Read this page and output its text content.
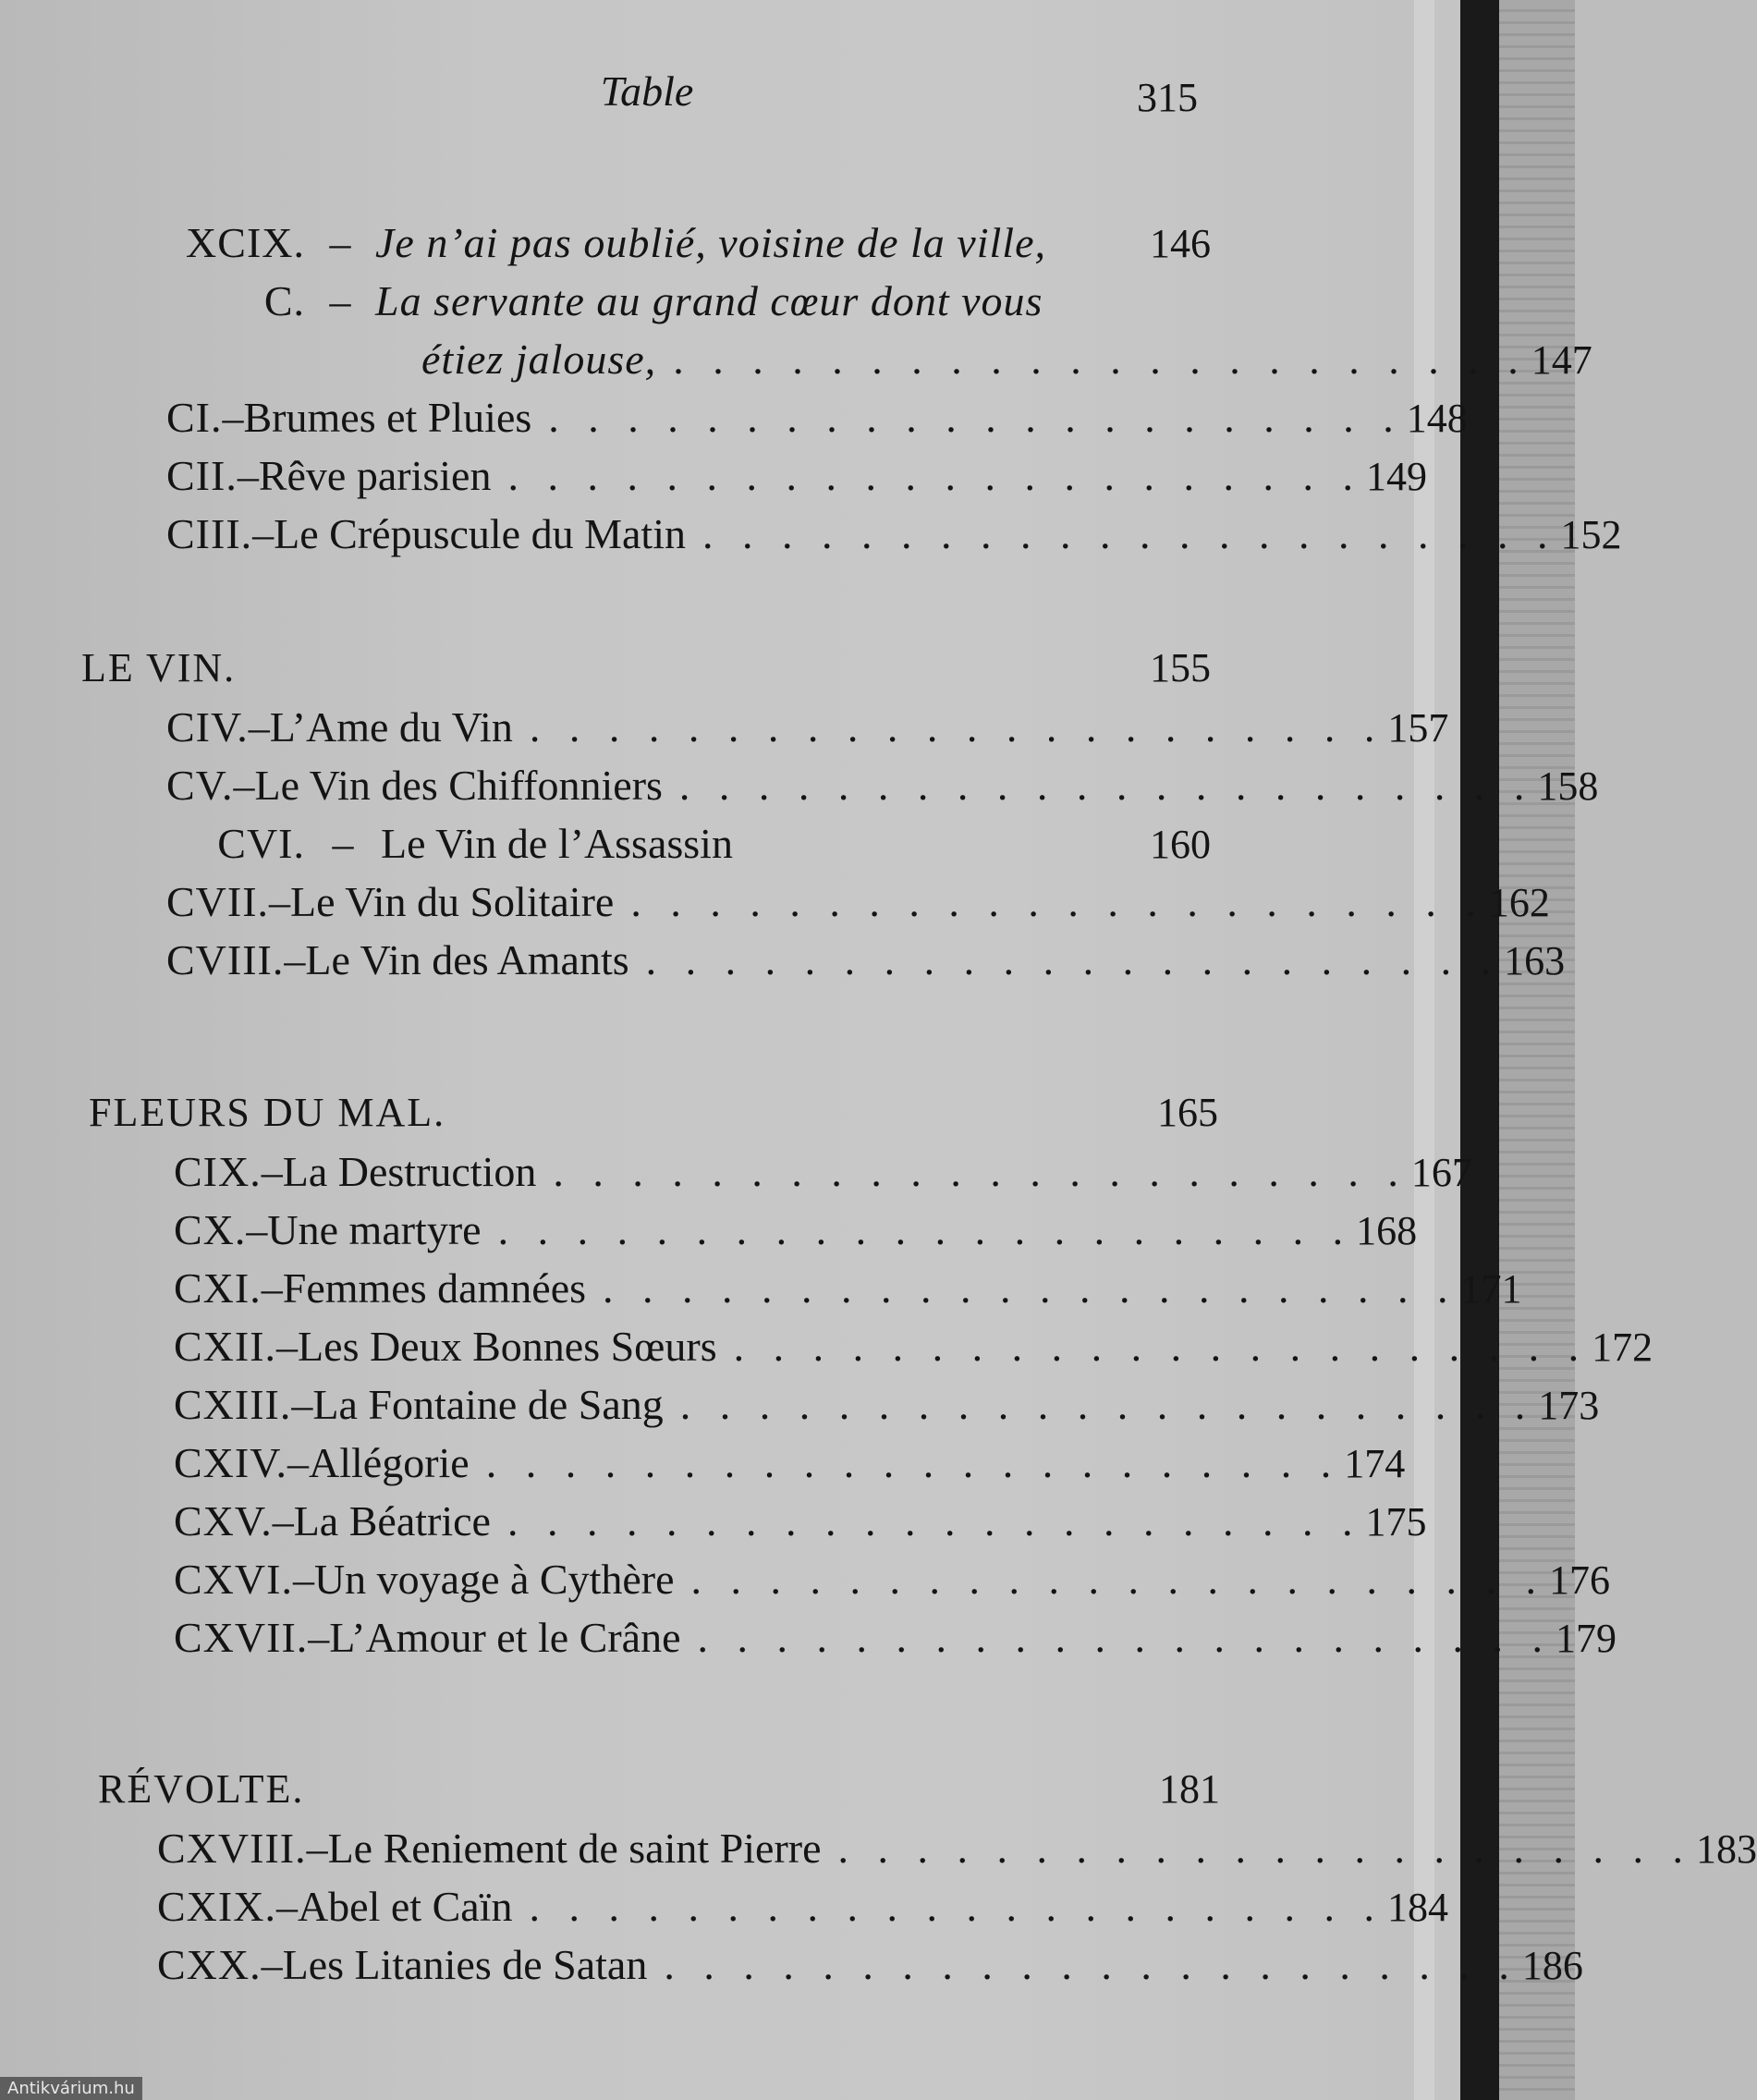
Table	315
XCIX. – Je n’ai pas oublié, voisine de la ville,	146
C. – La servante au grand cœur dont vous
étiez jalouse, . . . . . . . . . . . . . . . . . . . . . . 147
CI. – Brumes et Pluies . . . . . . . . . . . . . . . . . . . . . . 148
CII. – Rêve parisien . . . . . . . . . . . . . . . . . . . . . . 149
CIII. – Le Crépuscule du Matin . . . . . . . . . . . . . . . . . . . . . . 152
LE VIN.	155
CIV. – L’Ame du Vin . . . . . . . . . . . . . . . . . . . . . . 157
CV. – Le Vin des Chiffonniers . . . . . . . . . . . . . . . . . . . . . . 158
CVI. – Le Vin de l’Assassin	160
CVII. – Le Vin du Solitaire . . . . . . . . . . . . . . . . . . . . . . 162
CVIII. – Le Vin des Amants . . . . . . . . . . . . . . . . . . . . . . 163
FLEURS DU MAL.	165
CIX. – La Destruction . . . . . . . . . . . . . . . . . . . . . . 167
CX. – Une martyre . . . . . . . . . . . . . . . . . . . . . . 168
CXI. – Femmes damnées . . . . . . . . . . . . . . . . . . . . . . 171
CXII. – Les Deux Bonnes Sœurs . . . . . . . . . . . . . . . . . . . . . . 172
CXIII. – La Fontaine de Sang . . . . . . . . . . . . . . . . . . . . . . 173
CXIV. – Allégorie . . . . . . . . . . . . . . . . . . . . . . 174
CXV. – La Béatrice . . . . . . . . . . . . . . . . . . . . . . 175
CXVI. – Un voyage à Cythère . . . . . . . . . . . . . . . . . . . . . . 176
CXVII. – L’Amour et le Crâne . . . . . . . . . . . . . . . . . . . . . . 179
RÉVOLTE.	181
CXVIII. – Le Reniement de saint Pierre . . . . . . . . . . . . . . . . . . . . . . 183
CXIX. – Abel et Caïn . . . . . . . . . . . . . . . . . . . . . . 184
CXX. – Les Litanies de Satan . . . . . . . . . . . . . . . . . . . . . . 186
Antikvárium.hu
